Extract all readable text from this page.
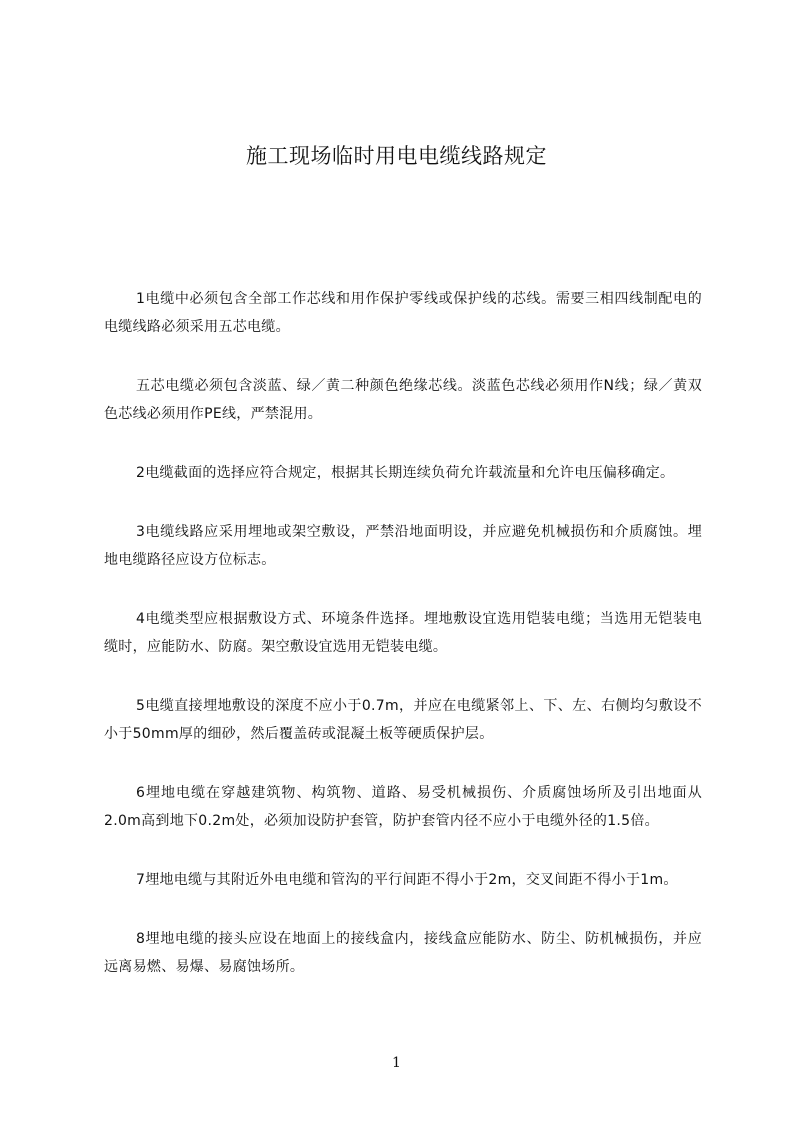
施工现场临时用电电缆线路规定

1电缆中必须包含全部工作芯线和用作保护零线或保护线的芯线。需要三相四线制配电的电缆线路必须采用五芯电缆。

五芯电缆必须包含淡蓝、绿／黄二种颜色绝缘芯线。淡蓝色芯线必须用作N线；绿／黄双色芯线必须用作PE线，严禁混用。

2电缆截面的选择应符合规定，根据其长期连续负荷允许载流量和允许电压偏移确定。

3电缆线路应采用埋地或架空敷设，严禁沿地面明设，并应避免机械损伤和介质腐蚀。埋地电缆路径应设方位标志。

4电缆类型应根据敷设方式、环境条件选择。埋地敷设宜选用铠装电缆；当选用无铠装电缆时，应能防水、防腐。架空敷设宜选用无铠装电缆。

5电缆直接埋地敷设的深度不应小于0.7m，并应在电缆紧邻上、下、左、右侧均匀敷设不小于50mm厚的细砂，然后覆盖砖或混凝土板等硬质保护层。

6埋地电缆在穿越建筑物、构筑物、道路、易受机械损伤、介质腐蚀场所及引出地面从2.0m高到地下0.2m处，必须加设防护套管，防护套管内径不应小于电缆外径的1.5倍。

7埋地电缆与其附近外电电缆和管沟的平行间距不得小于2m，交叉间距不得小于1m。

8埋地电缆的接头应设在地面上的接线盒内，接线盒应能防水、防尘、防机械损伤，并应远离易燃、易爆、易腐蚀场所。

1
